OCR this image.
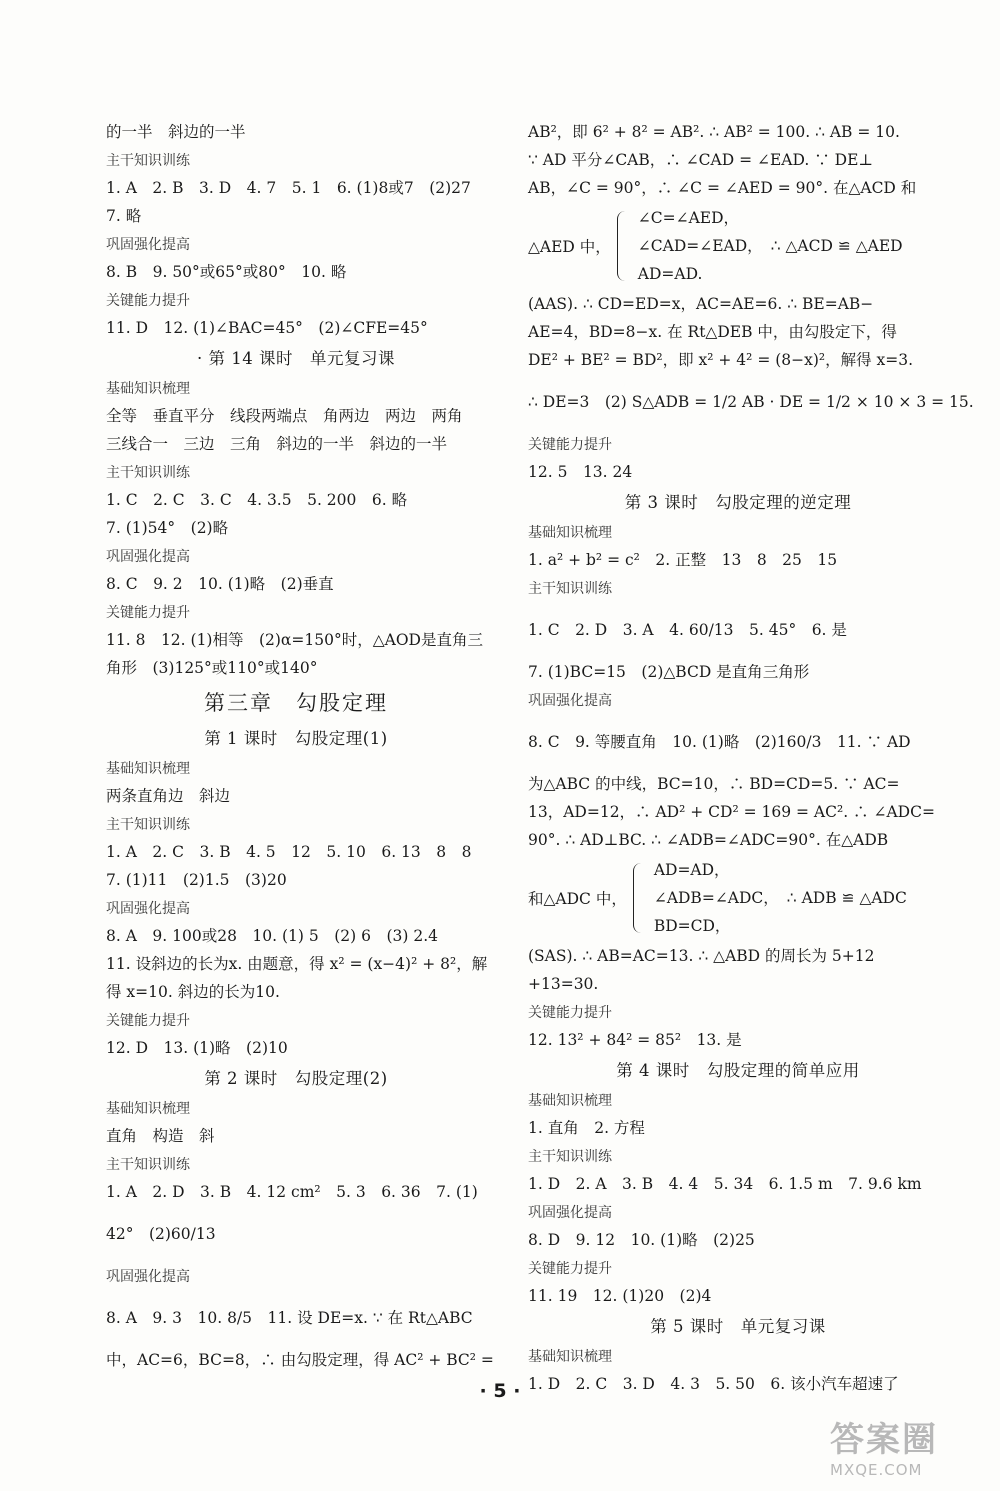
的一半　斜边的一半
主干知识训练
1. A　2. B　3. D　4. 7　5. 1　6. (1)8或7　(2)27
7. 略
巩固强化提高
8. B　9. 50°或65°或80°　10. 略
关键能力提升
11. D　12. (1)∠BAC=45°　(2)∠CFE=45°
· 第 14 课时　单元复习课
基础知识梳理
全等　垂直平分　线段两端点　角两边　两边　两角
三线合一　三边　三角　斜边的一半　斜边的一半
主干知识训练
1. C　2. C　3. C　4. 3.5　5. 200　6. 略
7. (1)54°　(2)略
巩固强化提高
8. C　9. 2　10. (1)略　(2)垂直
关键能力提升
11. 8　12. (1)相等　(2)α=150°时，△AOD是直角三
角形　(3)125°或110°或140°
第三章　勾股定理
第 1 课时　勾股定理(1)
基础知识梳理
两条直角边　斜边
主干知识训练
1. A　2. C　3. B　4. 5　12　5. 10　6. 13　8　8
7. (1)11　(2)1.5　(3)20
巩固强化提高
8. A　9. 100或28　10. (1) 5　(2) 6　(3) 2.4
11. 设斜边的长为x. 由题意，得 x² = (x−4)² + 8²，解
得 x=10. 斜边的长为10.
关键能力提升
12. D　13. (1)略　(2)10
第 2 课时　勾股定理(2)
基础知识梳理
直角　构造　斜
主干知识训练
1. A　2. D　3. B　4. 12 cm²　5. 3　6. 36　7. (1)
42°　(2)60/13
巩固强化提高
8. A　9. 3　10. 8/5　11. 设 DE=x. ∵ 在 Rt△ABC
中，AC=6，BC=8，∴ 由勾股定理，得 AC² + BC² =
AB²，即 6² + 8² = AB². ∴ AB² = 100. ∴ AB = 10.
∵ AD 平分∠CAB，∴ ∠CAD = ∠EAD. ∵ DE⊥
AB，∠C = 90°，∴ ∠C = ∠AED = 90°. 在△ACD 和
△AED 中，
∠C=∠AED，
∠CAD=∠EAD，
AD=AD.
∴ △ACD ≌ △AED
(AAS). ∴ CD=ED=x，AC=AE=6. ∴ BE=AB−
AE=4，BD=8−x. 在 Rt△DEB 中，由勾股定下，得
DE² + BE² = BD²，即 x² + 4² = (8−x)²，解得 x=3.
∴ DE=3　(2) S△ADB = 1/2 AB · DE = 1/2 × 10 × 3 = 15.
关键能力提升
12. 5　13. 24
第 3 课时　勾股定理的逆定理
基础知识梳理
1. a² + b² = c²　2. 正整　13　8　25　15
主干知识训练
1. C　2. D　3. A　4. 60/13　5. 45°　6. 是
7. (1)BC=15　(2)△BCD 是直角三角形
巩固强化提高
8. C　9. 等腰直角　10. (1)略　(2)160/3　11. ∵ AD
为△ABC 的中线，BC=10，∴ BD=CD=5. ∵ AC=
13，AD=12，∴ AD² + CD² = 169 = AC². ∴ ∠ADC=
90°. ∴ AD⊥BC. ∴ ∠ADB=∠ADC=90°. 在△ADB
和△ADC 中，
AD=AD，
∠ADB=∠ADC，
BD=CD，
∴ ADB ≌ △ADC
(SAS). ∴ AB=AC=13. ∴ △ABD 的周长为 5+12
+13=30.
关键能力提升
12. 13² + 84² = 85²　13. 是
第 4 课时　勾股定理的简单应用
基础知识梳理
1. 直角　2. 方程
主干知识训练
1. D　2. A　3. B　4. 4　5. 34　6. 1.5 m　7. 9.6 km
巩固强化提高
8. D　9. 12　10. (1)略　(2)25
关键能力提升
11. 19　12. (1)20　(2)4
第 5 课时　单元复习课
基础知识梳理
1. D　2. C　3. D　4. 3　5. 50　6. 该小汽车超速了
· 5 ·
答案圈
MXQE.COM
